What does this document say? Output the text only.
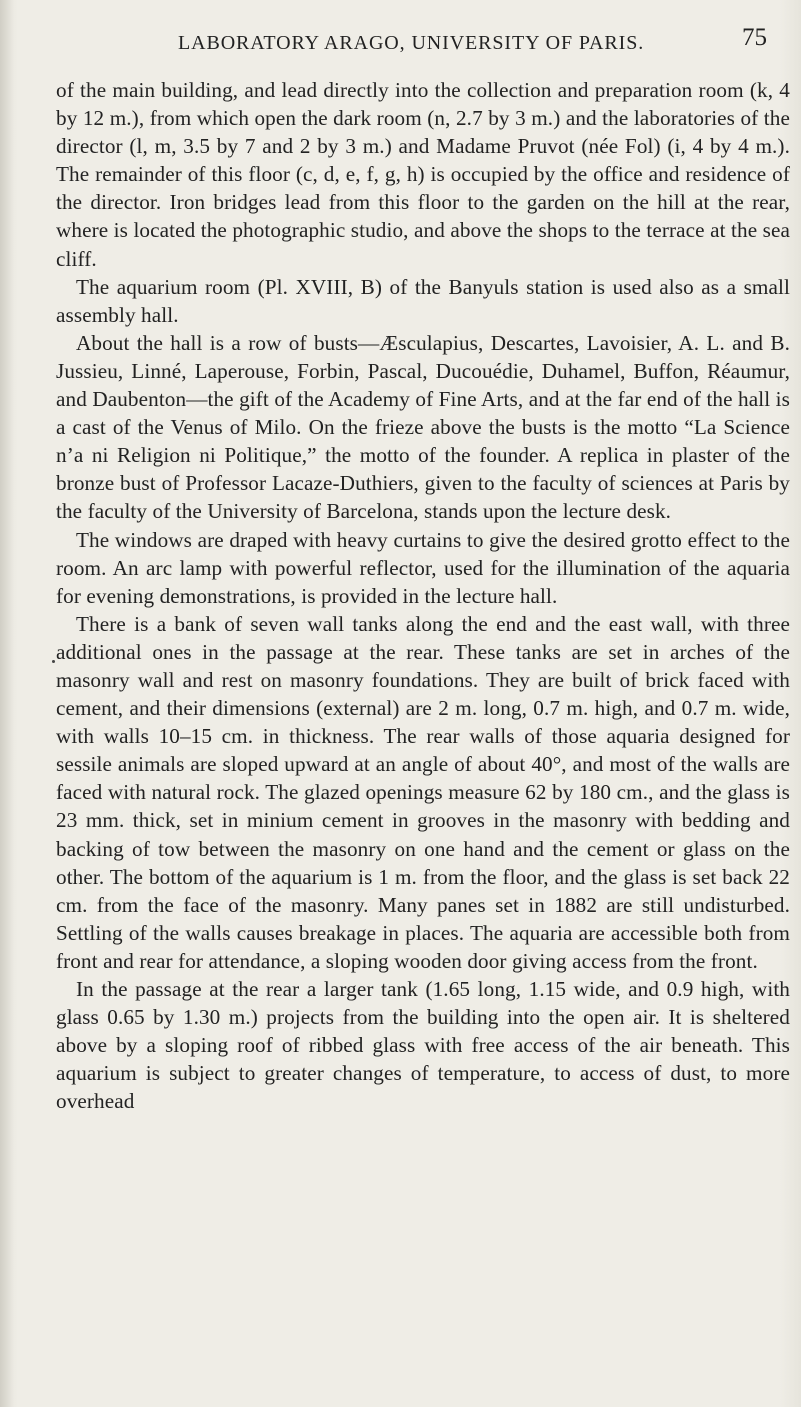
LABORATORY ARAGO, UNIVERSITY OF PARIS.	75

of the main building, and lead directly into the collection and preparation room (k, 4 by 12 m.), from which open the dark room (n, 2.7 by 3 m.) and the laboratories of the director (l, m, 3.5 by 7 and 2 by 3 m.) and Madame Pruvot (née Fol) (i, 4 by 4 m.). The remainder of this floor (c, d, e, f, g, h) is occupied by the office and residence of the director. Iron bridges lead from this floor to the garden on the hill at the rear, where is located the photographic studio, and above the shops to the terrace at the sea cliff.

The aquarium room (Pl. XVIII, B) of the Banyuls station is used also as a small assembly hall.

About the hall is a row of busts—Æsculapius, Descartes, Lavoisier, A. L. and B. Jussieu, Linné, Laperouse, Forbin, Pascal, Ducouédie, Duhamel, Buffon, Réaumur, and Daubenton—the gift of the Academy of Fine Arts, and at the far end of the hall is a cast of the Venus of Milo. On the frieze above the busts is the motto “La Science n’a ni Religion ni Politique,” the motto of the founder. A replica in plaster of the bronze bust of Professor Lacaze-Duthiers, given to the faculty of sciences at Paris by the faculty of the University of Barcelona, stands upon the lecture desk.

The windows are draped with heavy curtains to give the desired grotto effect to the room. An arc lamp with powerful reflector, used for the illumination of the aquaria for evening demonstrations, is provided in the lecture hall.

There is a bank of seven wall tanks along the end and the east wall, with three additional ones in the passage at the rear. These tanks are set in arches of the masonry wall and rest on masonry foundations. They are built of brick faced with cement, and their dimensions (external) are 2 m. long, 0.7 m. high, and 0.7 m. wide, with walls 10–15 cm. in thickness. The rear walls of those aquaria designed for sessile animals are sloped upward at an angle of about 40°, and most of the walls are faced with natural rock. The glazed openings measure 62 by 180 cm., and the glass is 23 mm. thick, set in minium cement in grooves in the masonry with bedding and backing of tow between the masonry on one hand and the cement or glass on the other. The bottom of the aquarium is 1 m. from the floor, and the glass is set back 22 cm. from the face of the masonry. Many panes set in 1882 are still undisturbed. Settling of the walls causes breakage in places. The aquaria are accessible both from front and rear for attendance, a sloping wooden door giving access from the front.

In the passage at the rear a larger tank (1.65 long, 1.15 wide, and 0.9 high, with glass 0.65 by 1.30 m.) projects from the building into the open air. It is sheltered above by a sloping roof of ribbed glass with free access of the air beneath. This aquarium is subject to greater changes of temperature, to access of dust, to more overhead
